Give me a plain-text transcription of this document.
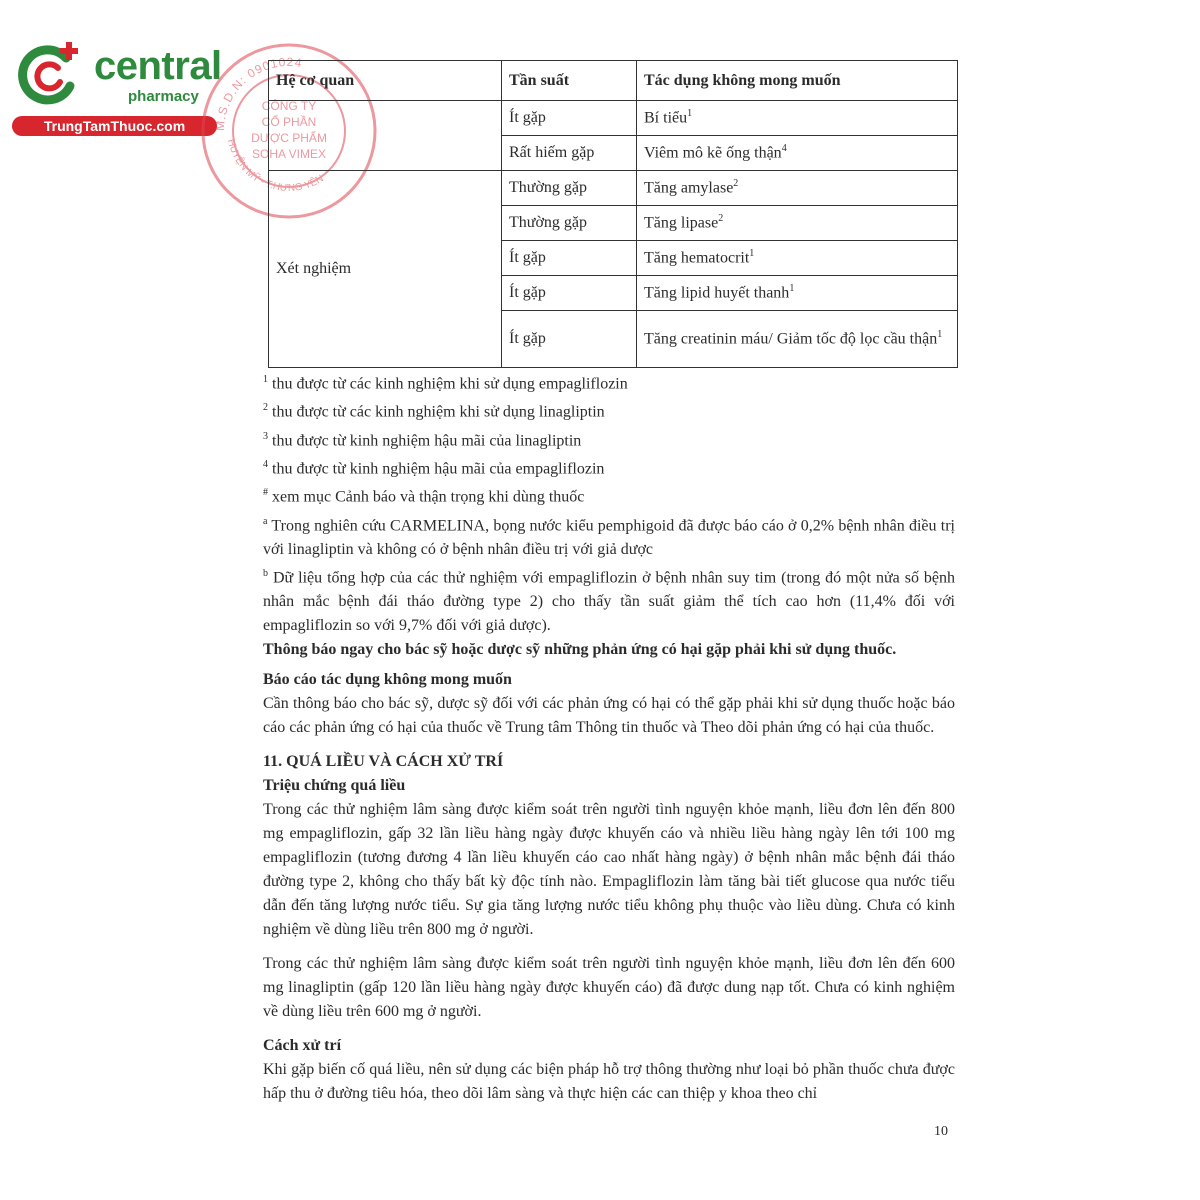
central
pharmacy
TrungTamThuoc.com	M.S.D.N: 0901024
HUYỆN MỸ - T.HƯNG YÊN
CÔNG TY
CỔ PHẦN
DƯỢC PHẨM
SOHA VIMEX
Hệ cơ quan	Tần suất	Tác dụng không mong muốn
	Ít gặp	Bí tiểu$^1$
	Rất hiếm gặp	Viêm mô kẽ ống thận$^4$
Xét nghiệm	Thường gặp	Tăng amylase$^2$
	Thường gặp	Tăng lipase$^2$
	Ít gặp	Tăng hematocrit$^1$
	Ít gặp	Tăng lipid huyết thanh$^1$
	Ít gặp	Tăng creatinin máu/ Giảm tốc độ lọc cầu thận$^1$

$^1$ thu được từ các kinh nghiệm khi sử dụng empagliflozin

$^2$ thu được từ các kinh nghiệm khi sử dụng linagliptin

$^3$ thu được từ kinh nghiệm hậu mãi của linagliptin

$^4$ thu được từ kinh nghiệm hậu mãi của empagliflozin

# xem mục Cảnh báo và thận trọng khi dùng thuốc

$^a$ Trong nghiên cứu CARMELINA, bọng nước kiểu pemphigoid đã được báo cáo ở 0,2% bệnh nhân điều trị với linagliptin và không có ở bệnh nhân điều trị với giả dược

$^b$ Dữ liệu tổng hợp của các thử nghiệm với empagliflozin ở bệnh nhân suy tim (trong đó một nửa số bệnh nhân mắc bệnh đái tháo đường type 2) cho thấy tần suất giảm thể tích cao hơn (11,4% đối với empagliflozin so với 9,7% đối với giả dược).

Thông báo ngay cho bác sỹ hoặc dược sỹ những phản ứng có hại gặp phải khi sử dụng thuốc.

Báo cáo tác dụng không mong muốn

Cần thông báo cho bác sỹ, dược sỹ đối với các phản ứng có hại có thể gặp phải khi sử dụng thuốc hoặc báo cáo các phản ứng có hại của thuốc về Trung tâm Thông tin thuốc và Theo dõi phản ứng có hại của thuốc.

11. QUÁ LIỀU VÀ CÁCH XỬ TRÍ

Triệu chứng quá liều

Trong các thử nghiệm lâm sàng được kiểm soát trên người tình nguyện khỏe mạnh, liều đơn lên đến 800 mg empagliflozin, gấp 32 lần liều hàng ngày được khuyến cáo và nhiều liều hàng ngày lên tới 100 mg empagliflozin (tương đương 4 lần liều khuyến cáo cao nhất hàng ngày) ở bệnh nhân mắc bệnh đái tháo đường type 2, không cho thấy bất kỳ độc tính nào. Empagliflozin làm tăng bài tiết glucose qua nước tiểu dẫn đến tăng lượng nước tiểu. Sự gia tăng lượng nước tiểu không phụ thuộc vào liều dùng. Chưa có kinh nghiệm về dùng liều trên 800 mg ở người.

Trong các thử nghiệm lâm sàng được kiểm soát trên người tình nguyện khỏe mạnh, liều đơn lên đến 600 mg linagliptin (gấp 120 lần liều hàng ngày được khuyến cáo) đã được dung nạp tốt. Chưa có kinh nghiệm về dùng liều trên 600 mg ở người.

Cách xử trí

Khi gặp biến cố quá liều, nên sử dụng các biện pháp hỗ trợ thông thường như loại bỏ phần thuốc chưa được hấp thu ở đường tiêu hóa, theo dõi lâm sàng và thực hiện các can thiệp y khoa theo chỉ

10
